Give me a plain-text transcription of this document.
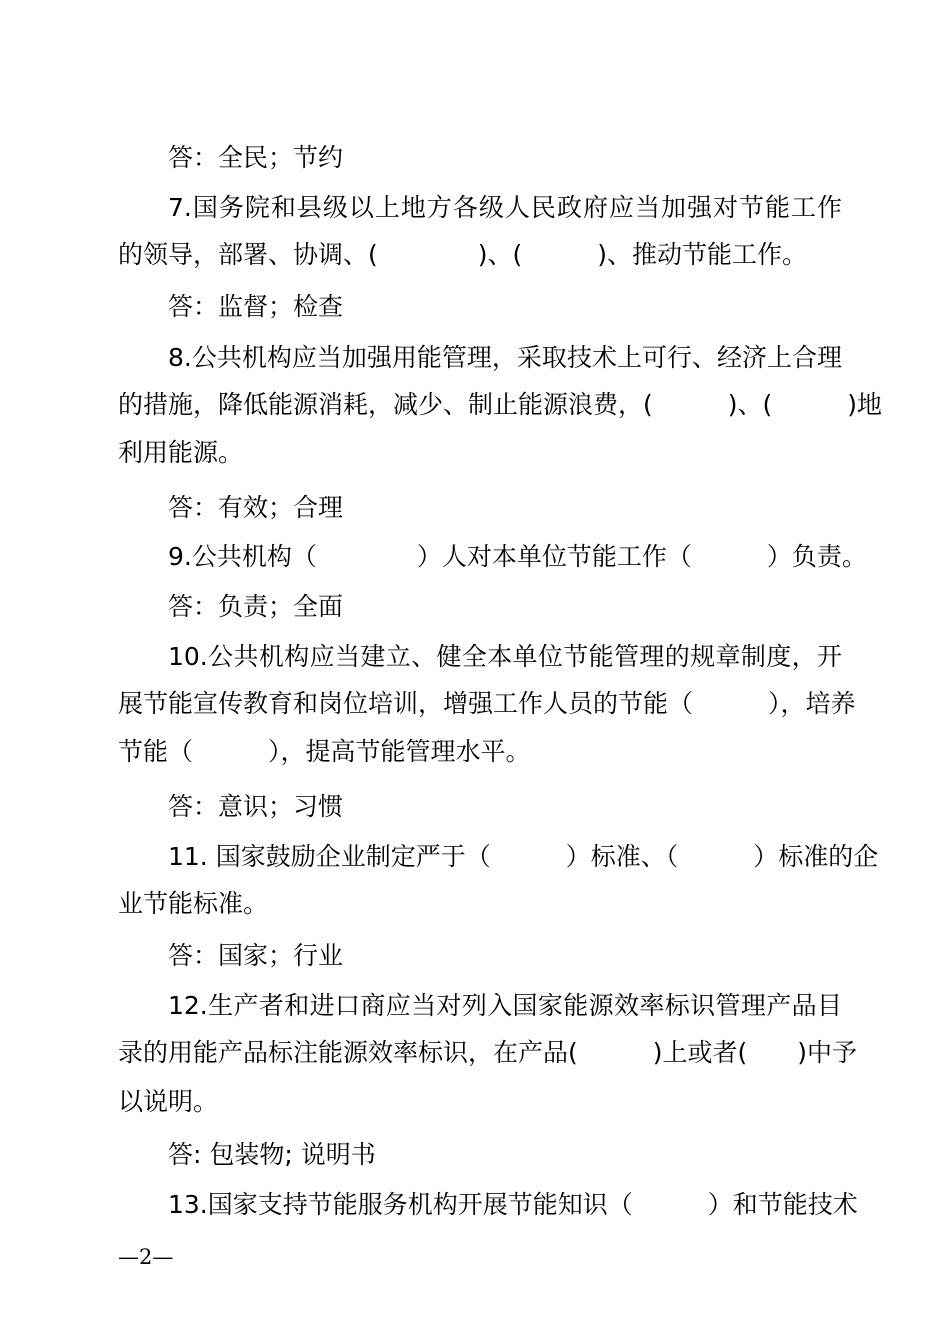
答：全民；节约
7.国务院和县级以上地方各级人民政府应当加强对节能工作
的领导，部署、协调、(　　　　)、(　　　)、推动节能工作。
答：监督；检查
8.公共机构应当加强用能管理，采取技术上可行、经济上合理
的措施，降低能源消耗，减少、制止能源浪费，(　　　)、(　　　)地
利用能源。
答：有效；合理
9.公共机构（　　　　）人对本单位节能工作（　　　）负责。
答：负责；全面
10.公共机构应当建立、健全本单位节能管理的规章制度，开
展节能宣传教育和岗位培训，增强工作人员的节能（　　　），培养
节能（　　　），提高节能管理水平。
答：意识；习惯
11. 国家鼓励企业制定严于（　　　）标准、（　　　）标准的企
业节能标准。
答：国家；行业
12.生产者和进口商应当对列入国家能源效率标识管理产品目
录的用能产品标注能源效率标识，在产品(　　　)上或者(　　)中予
以说明。
答: 包装物; 说明书
13.国家支持节能服务机构开展节能知识（　　　）和节能技术
—2—
